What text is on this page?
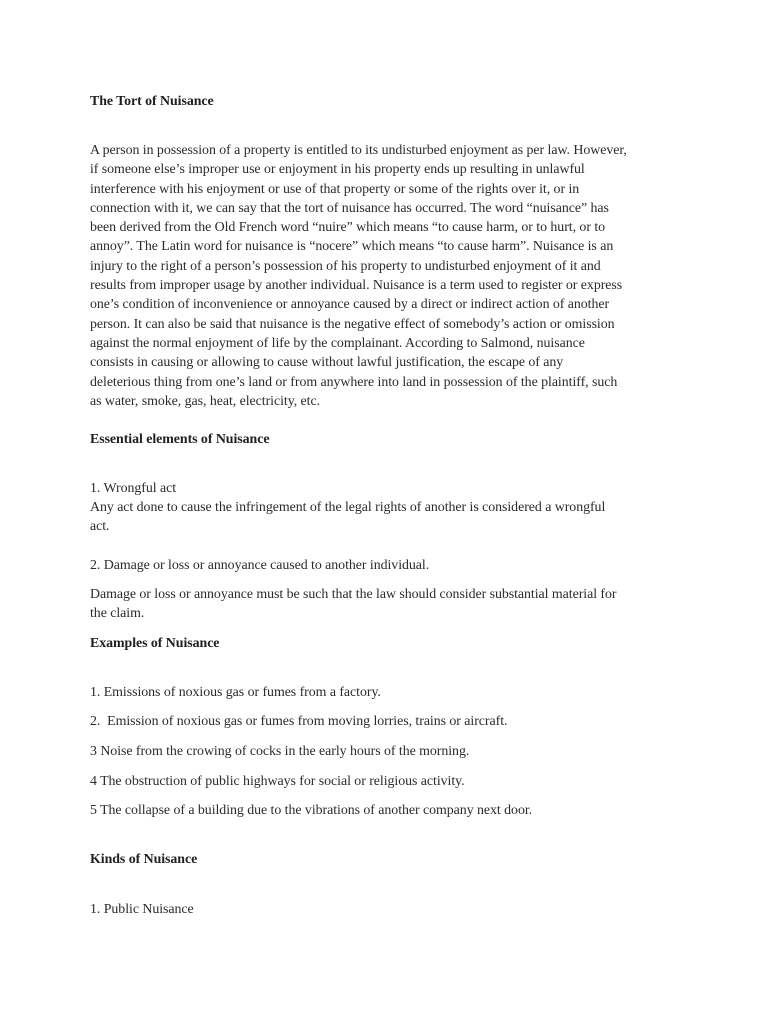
The Tort of Nuisance

A person in possession of a property is entitled to its undisturbed enjoyment as per law. However,
if someone else’s improper use or enjoyment in his property ends up resulting in unlawful
interference with his enjoyment or use of that property or some of the rights over it, or in
connection with it, we can say that the tort of nuisance has occurred. The word “nuisance” has
been derived from the Old French word “nuire” which means “to cause harm, or to hurt, or to
annoy”. The Latin word for nuisance is “nocere” which means “to cause harm”. Nuisance is an
injury to the right of a person’s possession of his property to undisturbed enjoyment of it and
results from improper usage by another individual. Nuisance is a term used to register or express
one’s condition of inconvenience or annoyance caused by a direct or indirect action of another
person. It can also be said that nuisance is the negative effect of somebody’s action or omission
against the normal enjoyment of life by the complainant. According to Salmond, nuisance
consists in causing or allowing to cause without lawful justification, the escape of any
deleterious thing from one’s land or from anywhere into land in possession of the plaintiff, such
as water, smoke, gas, heat, electricity, etc.

Essential elements of Nuisance

1. Wrongful act

Any act done to cause the infringement of the legal rights of another is considered a wrongful
act.

2. Damage or loss or annoyance caused to another individual.

Damage or loss or annoyance must be such that the law should consider substantial material for
the claim.

Examples of Nuisance

1. Emissions of noxious gas or fumes from a factory.

2.  Emission of noxious gas or fumes from moving lorries, trains or aircraft.

3 Noise from the crowing of cocks in the early hours of the morning.

4 The obstruction of public highways for social or religious activity.

5 The collapse of a building due to the vibrations of another company next door.

Kinds of Nuisance

1. Public Nuisance
